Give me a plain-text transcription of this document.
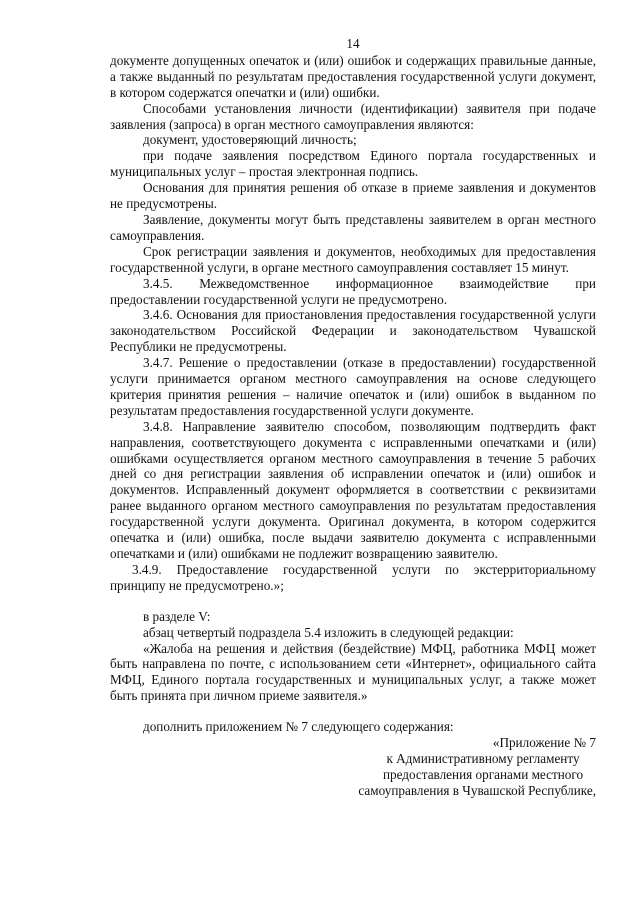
14

документе допущенных опечаток и (или) ошибок и содержащих правильные данные, а также выданный по результатам предоставления государственной услуги документ, в котором содержатся опечатки и (или) ошибки.

Способами установления личности (идентификации) заявителя при подаче заявления (запроса) в орган местного самоуправления являются:

документ, удостоверяющий личность;

при подаче заявления посредством Единого портала государственных и муниципальных услуг – простая электронная подпись.

Основания для принятия решения об отказе в приеме заявления и документов не предусмотрены.

Заявление, документы могут быть представлены заявителем в орган местного самоуправления.

Срок регистрации заявления и документов, необходимых для предоставления государственной услуги, в органе местного самоуправления составляет 15 минут.

3.4.5. Межведомственное информационное взаимодействие при предоставлении государственной услуги не предусмотрено.

3.4.6. Основания для приостановления предоставления государственной услуги законодательством Российской Федерации и законодательством Чувашской Республики не предусмотрены.

3.4.7. Решение о предоставлении (отказе в предоставлении) государственной услуги принимается органом местного самоуправления на основе следующего критерия принятия решения – наличие опечаток и (или) ошибок в выданном по результатам предоставления государственной услуги документе.

3.4.8. Направление заявителю способом, позволяющим подтвердить факт направления, соответствующего документа с исправленными опечатками и (или) ошибками осуществляется органом местного самоуправления в течение 5 рабочих дней со дня регистрации заявления об исправлении опечаток и (или) ошибок и документов. Исправленный документ оформляется в соответствии с реквизитами ранее выданного органом местного самоуправления по результатам предоставления государственной услуги документа. Оригинал документа, в котором содержится опечатка и (или) ошибка, после выдачи заявителю документа с исправленными опечатками и (или) ошибками не подлежит возвращению заявителю.

3.4.9. Предоставление государственной услуги по экстерриториальному принципу не предусмотрено.»;

в разделе V:

абзац четвертый подраздела 5.4 изложить в следующей редакции:

«Жалоба на решения и действия (бездействие) МФЦ, работника МФЦ может быть направлена по почте, с использованием сети «Интернет», официального сайта МФЦ, Единого портала государственных и муниципальных услуг, а также может быть принята при личном приеме заявителя.»

дополнить приложением № 7 следующего содержания:

«Приложение № 7

к Административному регламенту

предоставления органами местного

самоуправления в Чувашской Республике,
